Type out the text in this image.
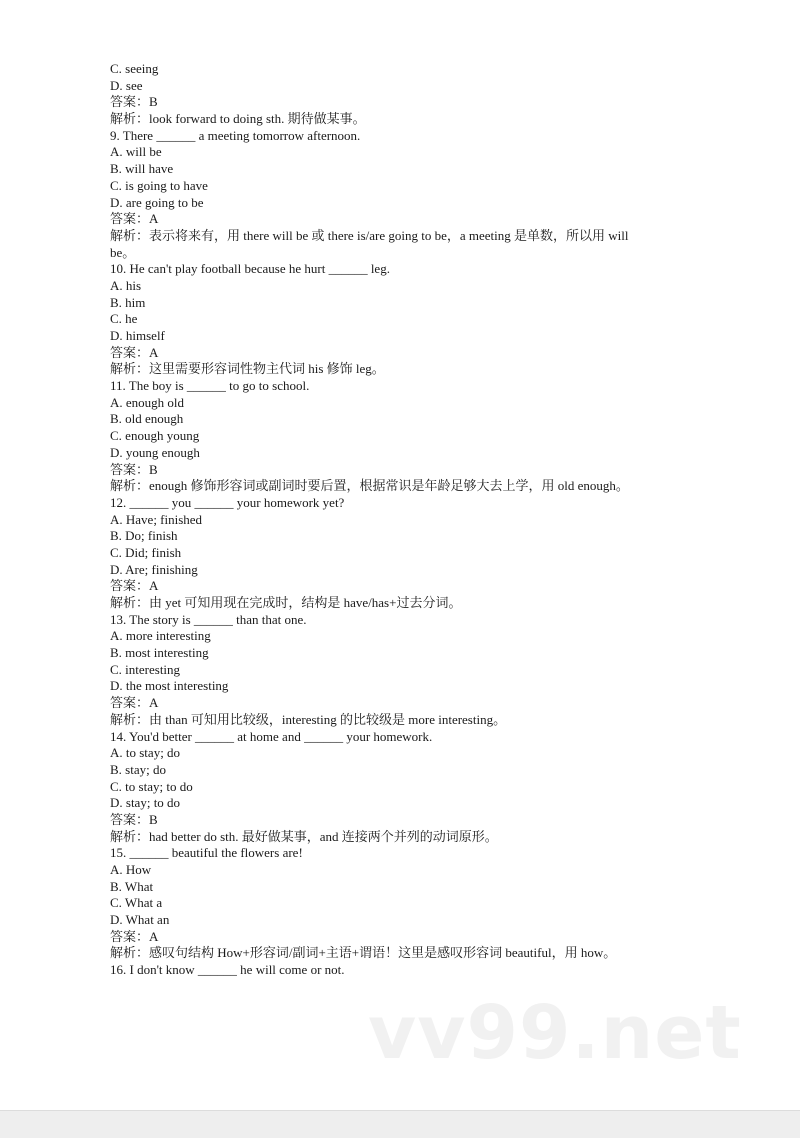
C. seeing
D. see
答案：B
解析：look forward to doing sth. 期待做某事。
9. There ______ a meeting tomorrow afternoon.
A. will be
B. will have
C. is going to have
D. are going to be
答案：A
解析：表示将来有，用 there will be 或 there is/are going to be，a meeting 是单数，所以用 will
be。
10. He can't play football because he hurt ______ leg.
A. his
B. him
C. he
D. himself
答案：A
解析：这里需要形容词性物主代词 his 修饰 leg。
11. The boy is ______ to go to school.
A. enough old
B. old enough
C. enough young
D. young enough
答案：B
解析：enough 修饰形容词或副词时要后置，根据常识是年龄足够大去上学，用 old enough。
12. ______ you ______ your homework yet?
A. Have; finished
B. Do; finish
C. Did; finish
D. Are; finishing
答案：A
解析：由 yet 可知用现在完成时，结构是 have/has+过去分词。
13. The story is ______ than that one.
A. more interesting
B. most interesting
C. interesting
D. the most interesting
答案：A
解析：由 than 可知用比较级，interesting 的比较级是 more interesting。
14. You'd better ______ at home and ______ your homework.
A. to stay; do
B. stay; do
C. to stay; to do
D. stay; to do
答案：B
解析：had better do sth. 最好做某事，and 连接两个并列的动词原形。
15. ______ beautiful the flowers are!
A. How
B. What
C. What a
D. What an
答案：A
解析：感叹句结构 How+形容词/副词+主语+谓语！这里是感叹形容词 beautiful，用 how。
16. I don't know ______ he will come or not.
vv99.net
